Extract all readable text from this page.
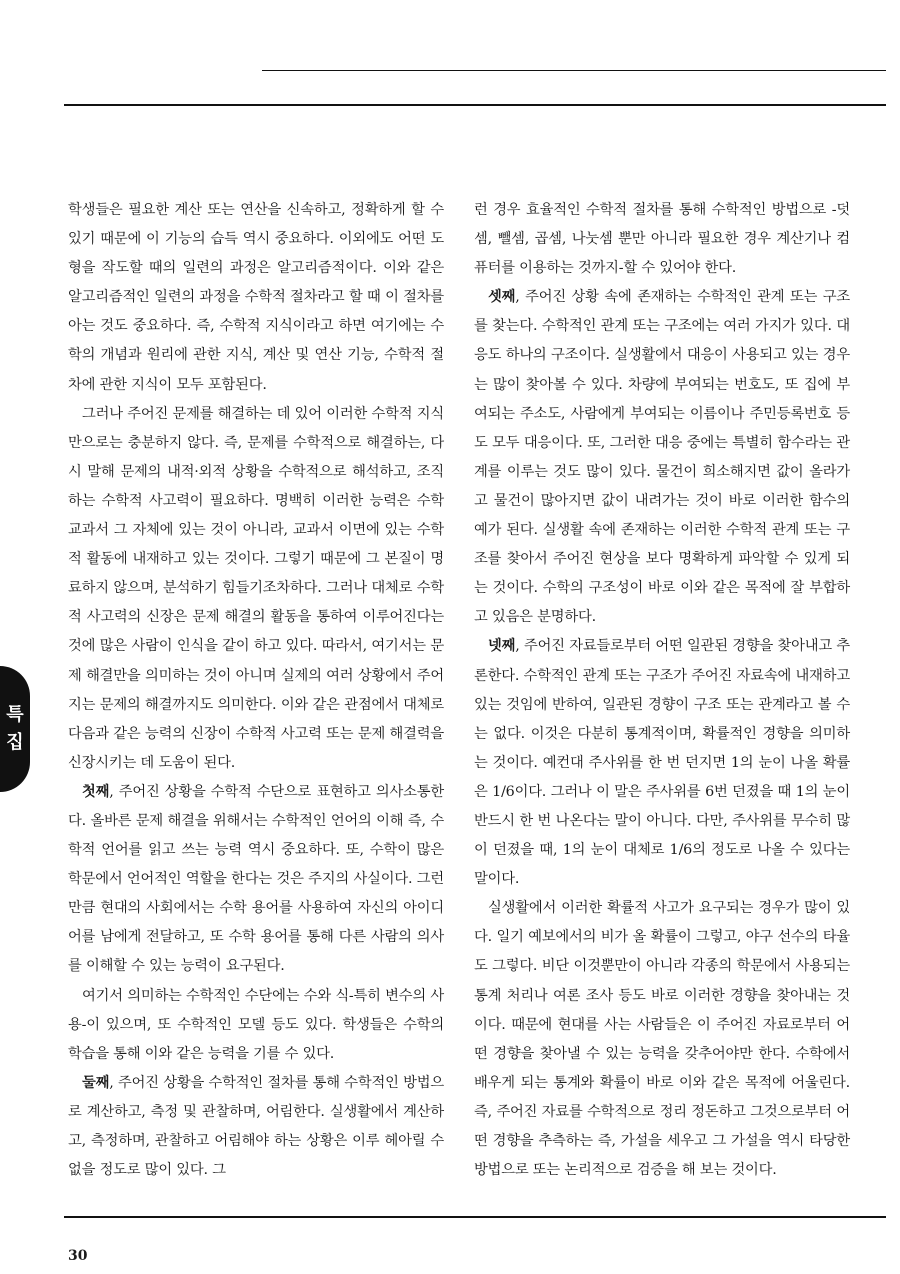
학생들은 필요한 계산 또는 연산을 신속하고, 정확하게 할 수 있기 때문에 이 기능의 습득 역시 중요하다. 이외에도 어떤 도형을 작도할 때의 일련의 과정은 알고리즘적이다. 이와 같은 알고리즘적인 일련의 과정을 수학적 절차라고 할 때 이 절차를 아는 것도 중요하다. 즉, 수학적 지식이라고 하면 여기에는 수학의 개념과 원리에 관한 지식, 계산 및 연산 기능, 수학적 절차에 관한 지식이 모두 포함된다.

그러나 주어진 문제를 해결하는 데 있어 이러한 수학적 지식만으로는 충분하지 않다. 즉, 문제를 수학적으로 해결하는, 다시 말해 문제의 내적·외적 상황을 수학적으로 해석하고, 조직하는 수학적 사고력이 필요하다. 명백히 이러한 능력은 수학 교과서 그 자체에 있는 것이 아니라, 교과서 이면에 있는 수학적 활동에 내재하고 있는 것이다. 그렇기 때문에 그 본질이 명료하지 않으며, 분석하기 힘들기조차하다. 그러나 대체로 수학적 사고력의 신장은 문제 해결의 활동을 통하여 이루어진다는 것에 많은 사람이 인식을 같이 하고 있다. 따라서, 여기서는 문제 해결만을 의미하는 것이 아니며 실제의 여러 상황에서 주어지는 문제의 해결까지도 의미한다. 이와 같은 관점에서 대체로 다음과 같은 능력의 신장이 수학적 사고력 또는 문제 해결력을 신장시키는 데 도움이 된다.

첫째, 주어진 상황을 수학적 수단으로 표현하고 의사소통한다. 올바른 문제 해결을 위해서는 수학적인 언어의 이해 즉, 수학적 언어를 읽고 쓰는 능력 역시 중요하다. 또, 수학이 많은 학문에서 언어적인 역할을 한다는 것은 주지의 사실이다. 그런만큼 현대의 사회에서는 수학 용어를 사용하여 자신의 아이디어를 남에게 전달하고, 또 수학 용어를 통해 다른 사람의 의사를 이해할 수 있는 능력이 요구된다.

여기서 의미하는 수학적인 수단에는 수와 식-특히 변수의 사용-이 있으며, 또 수학적인 모델 등도 있다. 학생들은 수학의 학습을 통해 이와 같은 능력을 기를 수 있다.

둘째, 주어진 상황을 수학적인 절차를 통해 수학적인 방법으로 계산하고, 측정 및 관찰하며, 어림한다. 실생활에서 계산하고, 측정하며, 관찰하고 어림해야 하는 상황은 이루 헤아릴 수 없을 정도로 많이 있다. 그

런 경우 효율적인 수학적 절차를 통해 수학적인 방법으로 -덧셈, 뺄셈, 곱셈, 나눗셈 뿐만 아니라 필요한 경우 계산기나 컴퓨터를 이용하는 것까지-할 수 있어야 한다.

셋째, 주어진 상황 속에 존재하는 수학적인 관계 또는 구조를 찾는다. 수학적인 관계 또는 구조에는 여러 가지가 있다. 대응도 하나의 구조이다. 실생활에서 대응이 사용되고 있는 경우는 많이 찾아볼 수 있다. 차량에 부여되는 번호도, 또 집에 부여되는 주소도, 사람에게 부여되는 이름이나 주민등록번호 등도 모두 대응이다. 또, 그러한 대응 중에는 특별히 함수라는 관계를 이루는 것도 많이 있다. 물건이 희소해지면 값이 올라가고 물건이 많아지면 값이 내려가는 것이 바로 이러한 함수의 예가 된다. 실생활 속에 존재하는 이러한 수학적 관계 또는 구조를 찾아서 주어진 현상을 보다 명확하게 파악할 수 있게 되는 것이다. 수학의 구조성이 바로 이와 같은 목적에 잘 부합하고 있음은 분명하다.

넷째, 주어진 자료들로부터 어떤 일관된 경향을 찾아내고 추론한다. 수학적인 관계 또는 구조가 주어진 자료속에 내재하고 있는 것임에 반하여, 일관된 경향이 구조 또는 관계라고 볼 수는 없다. 이것은 다분히 통계적이며, 확률적인 경향을 의미하는 것이다. 예컨대 주사위를 한 번 던지면 1의 눈이 나올 확률은 1/6이다. 그러나 이 말은 주사위를 6번 던졌을 때 1의 눈이 반드시 한 번 나온다는 말이 아니다. 다만, 주사위를 무수히 많이 던졌을 때, 1의 눈이 대체로 1/6의 정도로 나올 수 있다는 말이다.

실생활에서 이러한 확률적 사고가 요구되는 경우가 많이 있다. 일기 예보에서의 비가 올 확률이 그렇고, 야구 선수의 타율도 그렇다. 비단 이것뿐만이 아니라 각종의 학문에서 사용되는 통계 처리나 여론 조사 등도 바로 이러한 경향을 찾아내는 것이다. 때문에 현대를 사는 사람들은 이 주어진 자료로부터 어떤 경향을 찾아낼 수 있는 능력을 갖추어야만 한다. 수학에서 배우게 되는 통계와 확률이 바로 이와 같은 목적에 어울린다. 즉, 주어진 자료를 수학적으로 정리 정돈하고 그것으로부터 어떤 경향을 추측하는 즉, 가설을 세우고 그 가설을 역시 타당한 방법으로 또는 논리적으로 검증을 해 보는 것이다.

특
집
30
